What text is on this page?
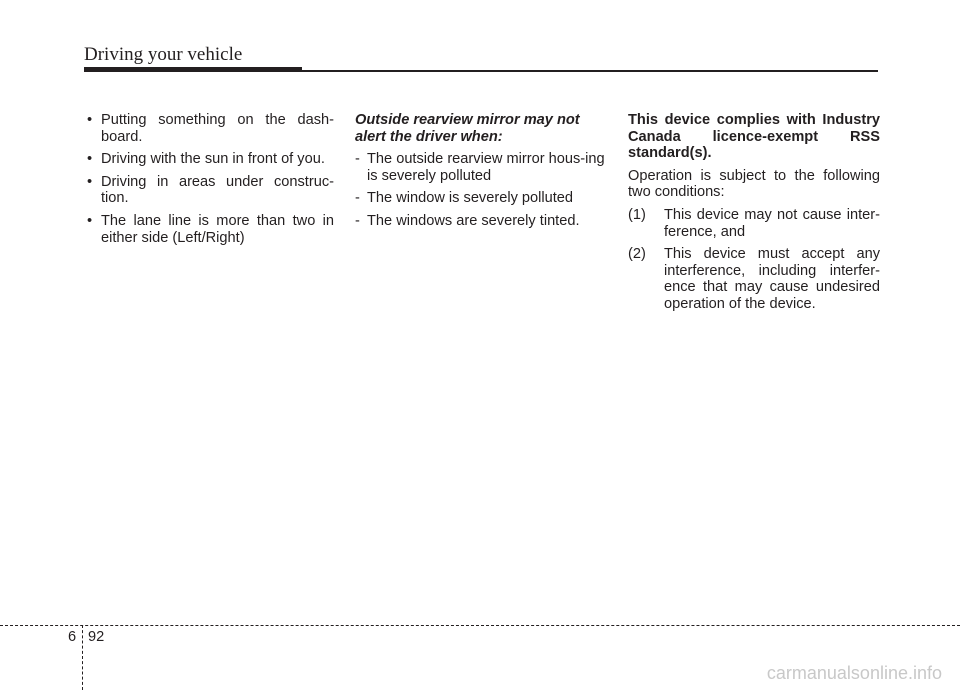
Driving your vehicle
• Putting something on the dash-board.
• Driving with the sun in front of you.
• Driving in areas under construc-tion.
• The lane line is more than two in either side (Left/Right)

Outside rearview mirror may not alert the driver when:

- The outside rearview mirror hous-ing is severely polluted
- The window is severely polluted
- The windows are severely tinted.

This device complies with Industry Canada licence-exempt RSS standard(s).

Operation is subject to the following two conditions:

(1) This device may not cause inter-ference, and
(2) This device must accept any interference, including interfer-ence that may cause undesired operation of the device.
6 92
carmanualsonline.info
